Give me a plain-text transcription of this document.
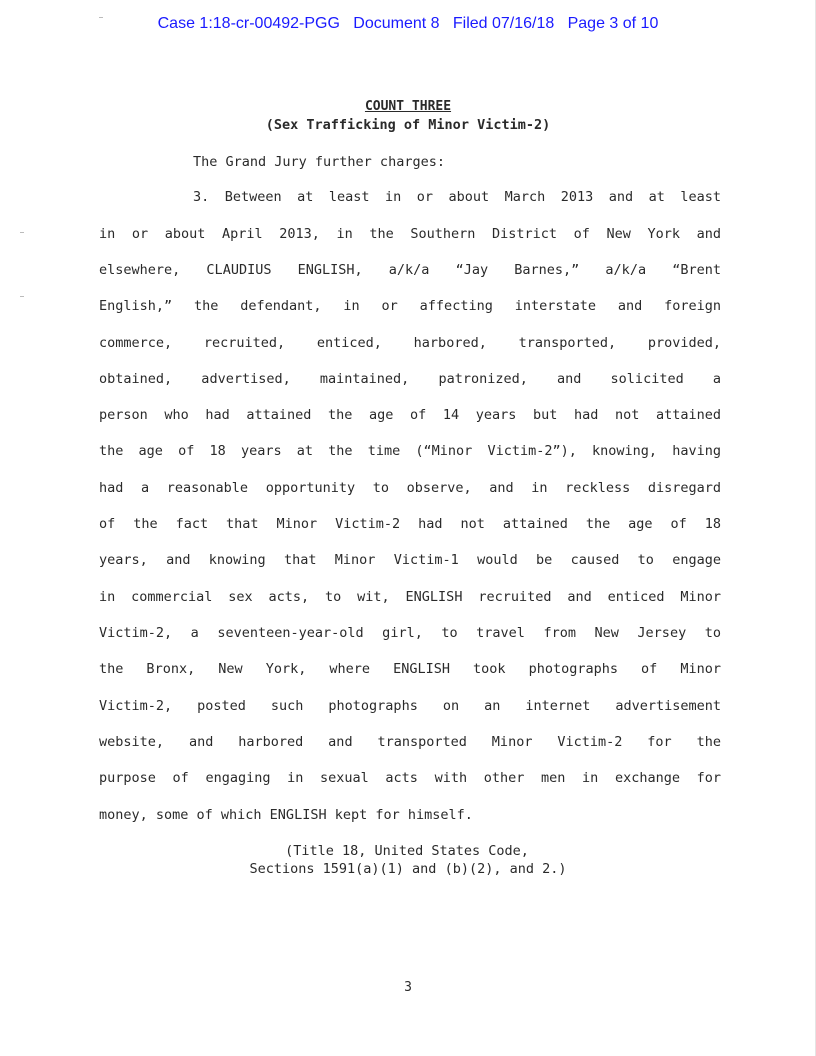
Case 1:18-cr-00492-PGG   Document 8   Filed 07/16/18   Page 3 of 10
COUNT THREE
(Sex Trafficking of Minor Victim-2)
The Grand Jury further charges:
3. Between at least in or about March 2013 and at least
in or about April 2013, in the Southern District of New York and
elsewhere, CLAUDIUS ENGLISH, a/k/a “Jay Barnes,” a/k/a “Brent
English,” the defendant, in or affecting interstate and foreign
commerce, recruited, enticed, harbored, transported, provided,
obtained, advertised, maintained, patronized, and solicited a
person who had attained the age of 14 years but had not attained
the age of 18 years at the time (“Minor Victim-2”), knowing, having
had a reasonable opportunity to observe, and in reckless disregard
of the fact that Minor Victim-2 had not attained the age of 18
years, and knowing that Minor Victim-1 would be caused to engage
in commercial sex acts, to wit, ENGLISH recruited and enticed Minor
Victim-2, a seventeen-year-old girl, to travel from New Jersey to
the Bronx, New York, where ENGLISH took photographs of Minor
Victim-2, posted such photographs on an internet advertisement
website, and harbored and transported Minor Victim-2 for the
purpose of engaging in sexual acts with other men in exchange for
money, some of which ENGLISH kept for himself.
(Title 18, United States Code,
Sections 1591(a)(1) and (b)(2), and 2.)
3
